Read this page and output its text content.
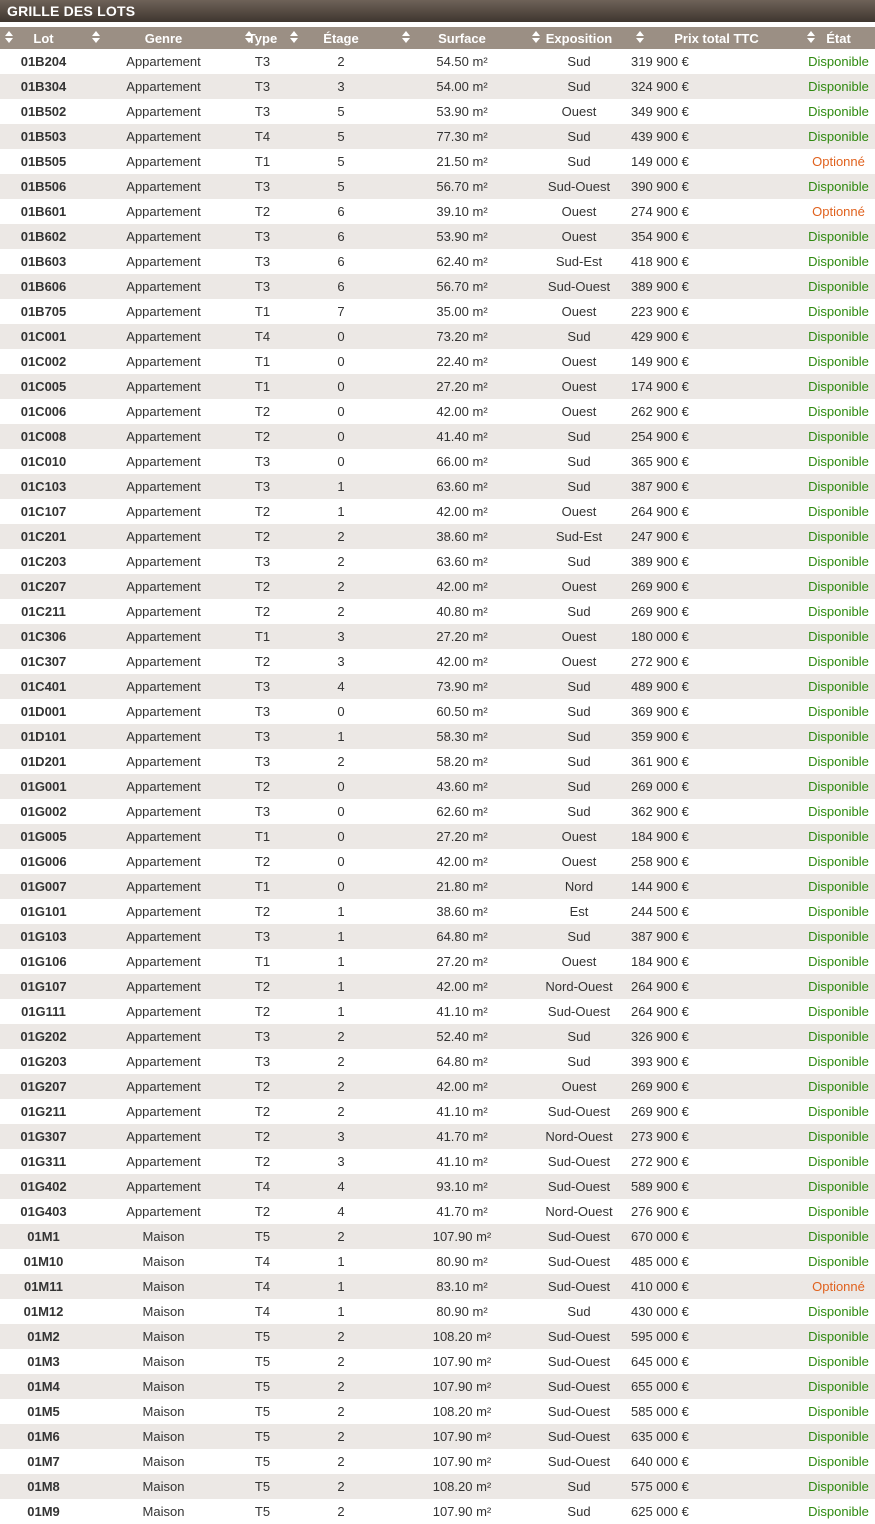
GRILLE DES LOTS
Lot	Genre	Type	Étage	Surface	Exposition	Prix total TTC	État
01B204	Appartement	T3	2	54.50 m²	Sud	319 900 €	Disponible
01B304	Appartement	T3	3	54.00 m²	Sud	324 900 €	Disponible
01B502	Appartement	T3	5	53.90 m²	Ouest	349 900 €	Disponible
01B503	Appartement	T4	5	77.30 m²	Sud	439 900 €	Disponible
01B505	Appartement	T1	5	21.50 m²	Sud	149 000 €	Optionné
01B506	Appartement	T3	5	56.70 m²	Sud-Ouest	390 900 €	Disponible
01B601	Appartement	T2	6	39.10 m²	Ouest	274 900 €	Optionné
01B602	Appartement	T3	6	53.90 m²	Ouest	354 900 €	Disponible
01B603	Appartement	T3	6	62.40 m²	Sud-Est	418 900 €	Disponible
01B606	Appartement	T3	6	56.70 m²	Sud-Ouest	389 900 €	Disponible
01B705	Appartement	T1	7	35.00 m²	Ouest	223 900 €	Disponible
01C001	Appartement	T4	0	73.20 m²	Sud	429 900 €	Disponible
01C002	Appartement	T1	0	22.40 m²	Ouest	149 900 €	Disponible
01C005	Appartement	T1	0	27.20 m²	Ouest	174 900 €	Disponible
01C006	Appartement	T2	0	42.00 m²	Ouest	262 900 €	Disponible
01C008	Appartement	T2	0	41.40 m²	Sud	254 900 €	Disponible
01C010	Appartement	T3	0	66.00 m²	Sud	365 900 €	Disponible
01C103	Appartement	T3	1	63.60 m²	Sud	387 900 €	Disponible
01C107	Appartement	T2	1	42.00 m²	Ouest	264 900 €	Disponible
01C201	Appartement	T2	2	38.60 m²	Sud-Est	247 900 €	Disponible
01C203	Appartement	T3	2	63.60 m²	Sud	389 900 €	Disponible
01C207	Appartement	T2	2	42.00 m²	Ouest	269 900 €	Disponible
01C211	Appartement	T2	2	40.80 m²	Sud	269 900 €	Disponible
01C306	Appartement	T1	3	27.20 m²	Ouest	180 000 €	Disponible
01C307	Appartement	T2	3	42.00 m²	Ouest	272 900 €	Disponible
01C401	Appartement	T3	4	73.90 m²	Sud	489 900 €	Disponible
01D001	Appartement	T3	0	60.50 m²	Sud	369 900 €	Disponible
01D101	Appartement	T3	1	58.30 m²	Sud	359 900 €	Disponible
01D201	Appartement	T3	2	58.20 m²	Sud	361 900 €	Disponible
01G001	Appartement	T2	0	43.60 m²	Sud	269 000 €	Disponible
01G002	Appartement	T3	0	62.60 m²	Sud	362 900 €	Disponible
01G005	Appartement	T1	0	27.20 m²	Ouest	184 900 €	Disponible
01G006	Appartement	T2	0	42.00 m²	Ouest	258 900 €	Disponible
01G007	Appartement	T1	0	21.80 m²	Nord	144 900 €	Disponible
01G101	Appartement	T2	1	38.60 m²	Est	244 500 €	Disponible
01G103	Appartement	T3	1	64.80 m²	Sud	387 900 €	Disponible
01G106	Appartement	T1	1	27.20 m²	Ouest	184 900 €	Disponible
01G107	Appartement	T2	1	42.00 m²	Nord-Ouest	264 900 €	Disponible
01G111	Appartement	T2	1	41.10 m²	Sud-Ouest	264 900 €	Disponible
01G202	Appartement	T3	2	52.40 m²	Sud	326 900 €	Disponible
01G203	Appartement	T3	2	64.80 m²	Sud	393 900 €	Disponible
01G207	Appartement	T2	2	42.00 m²	Ouest	269 900 €	Disponible
01G211	Appartement	T2	2	41.10 m²	Sud-Ouest	269 900 €	Disponible
01G307	Appartement	T2	3	41.70 m²	Nord-Ouest	273 900 €	Disponible
01G311	Appartement	T2	3	41.10 m²	Sud-Ouest	272 900 €	Disponible
01G402	Appartement	T4	4	93.10 m²	Sud-Ouest	589 900 €	Disponible
01G403	Appartement	T2	4	41.70 m²	Nord-Ouest	276 900 €	Disponible
01M1	Maison	T5	2	107.90 m²	Sud-Ouest	670 000 €	Disponible
01M10	Maison	T4	1	80.90 m²	Sud-Ouest	485 000 €	Disponible
01M11	Maison	T4	1	83.10 m²	Sud-Ouest	410 000 €	Optionné
01M12	Maison	T4	1	80.90 m²	Sud	430 000 €	Disponible
01M2	Maison	T5	2	108.20 m²	Sud-Ouest	595 000 €	Disponible
01M3	Maison	T5	2	107.90 m²	Sud-Ouest	645 000 €	Disponible
01M4	Maison	T5	2	107.90 m²	Sud-Ouest	655 000 €	Disponible
01M5	Maison	T5	2	108.20 m²	Sud-Ouest	585 000 €	Disponible
01M6	Maison	T5	2	107.90 m²	Sud-Ouest	635 000 €	Disponible
01M7	Maison	T5	2	107.90 m²	Sud-Ouest	640 000 €	Disponible
01M8	Maison	T5	2	108.20 m²	Sud	575 000 €	Disponible
01M9	Maison	T5	2	107.90 m²	Sud	625 000 €	Disponible
